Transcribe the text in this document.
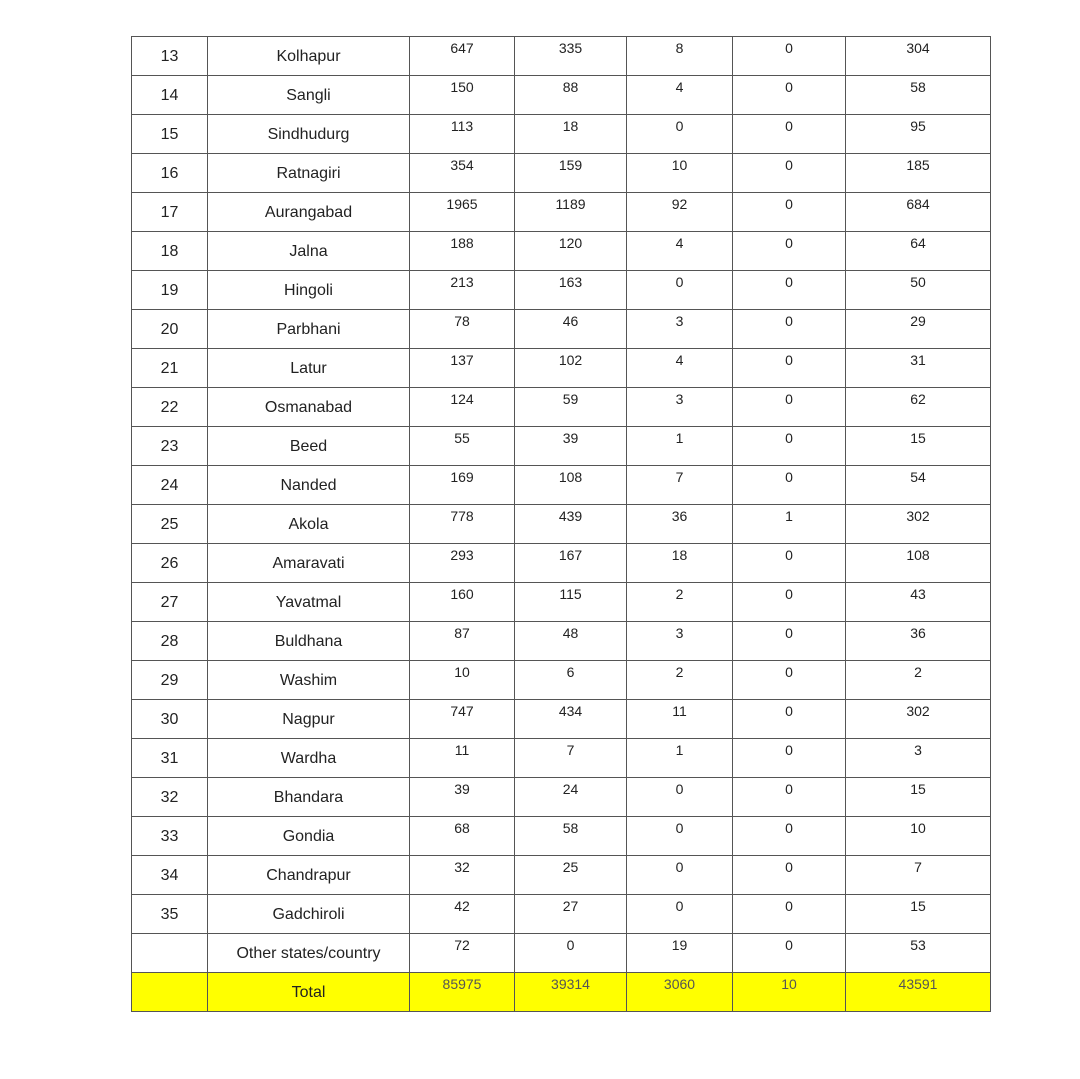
13	Kolhapur	647	335	8	0	304
14	Sangli	150	88	4	0	58
15	Sindhudurg	113	18	0	0	95
16	Ratnagiri	354	159	10	0	185
17	Aurangabad	1965	1189	92	0	684
18	Jalna	188	120	4	0	64
19	Hingoli	213	163	0	0	50
20	Parbhani	78	46	3	0	29
21	Latur	137	102	4	0	31
22	Osmanabad	124	59	3	0	62
23	Beed	55	39	1	0	15
24	Nanded	169	108	7	0	54
25	Akola	778	439	36	1	302
26	Amaravati	293	167	18	0	108
27	Yavatmal	160	115	2	0	43
28	Buldhana	87	48	3	0	36
29	Washim	10	6	2	0	2
30	Nagpur	747	434	11	0	302
31	Wardha	11	7	1	0	3
32	Bhandara	39	24	0	0	15
33	Gondia	68	58	0	0	10
34	Chandrapur	32	25	0	0	7
35	Gadchiroli	42	27	0	0	15
	Other states/country	72	0	19	0	53
	Total	85975	39314	3060	10	43591
